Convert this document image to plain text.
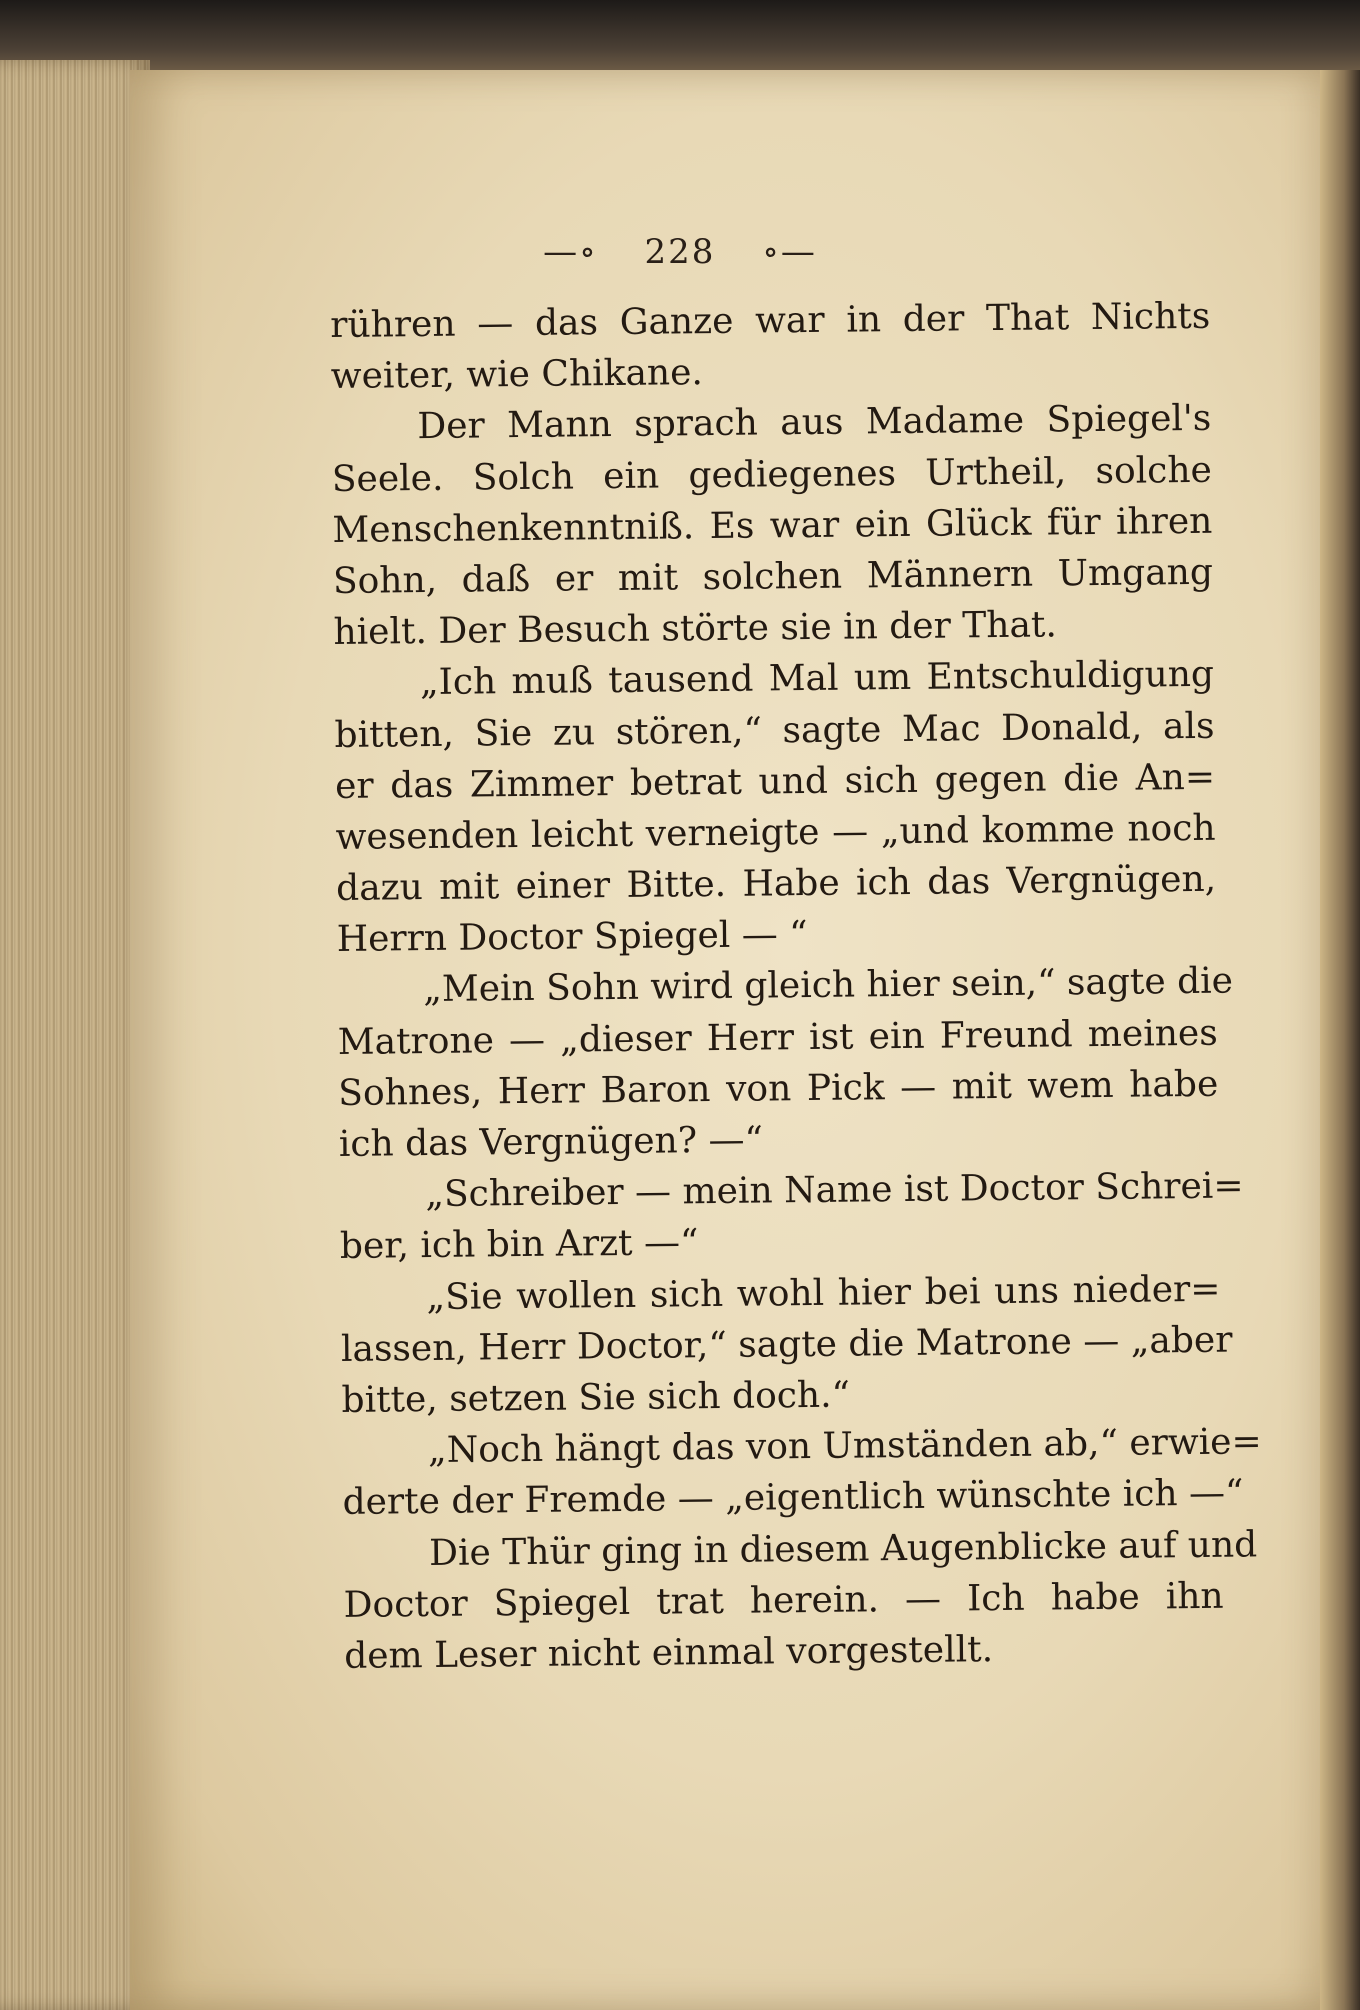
—∘ 228 ∘—
rühren — das Ganze war in der That Nichts
weiter, wie Chikane.
Der Mann sprach aus Madame Spiegel's
Seele. Solch ein gediegenes Urtheil, solche
Menschenkenntniß. Es war ein Glück für ihren
Sohn, daß er mit solchen Männern Umgang
hielt. Der Besuch störte sie in der That.
„Ich muß tausend Mal um Entschuldigung
bitten, Sie zu stören,“ sagte Mac Donald, als
er das Zimmer betrat und sich gegen die An=
wesenden leicht verneigte — „und komme noch
dazu mit einer Bitte. Habe ich das Vergnügen,
Herrn Doctor Spiegel — “
„Mein Sohn wird gleich hier sein,“ sagte die
Matrone — „dieser Herr ist ein Freund meines
Sohnes, Herr Baron von Pick — mit wem habe
ich das Vergnügen? —“
„Schreiber — mein Name ist Doctor Schrei=
ber, ich bin Arzt —“
„Sie wollen sich wohl hier bei uns nieder=
lassen, Herr Doctor,“ sagte die Matrone — „aber
bitte, setzen Sie sich doch.“
„Noch hängt das von Umständen ab,“ erwie=
derte der Fremde — „eigentlich wünschte ich —“
Die Thür ging in diesem Augenblicke auf und
Doctor Spiegel trat herein. — Ich habe ihn
dem Leser nicht einmal vorgestellt.
